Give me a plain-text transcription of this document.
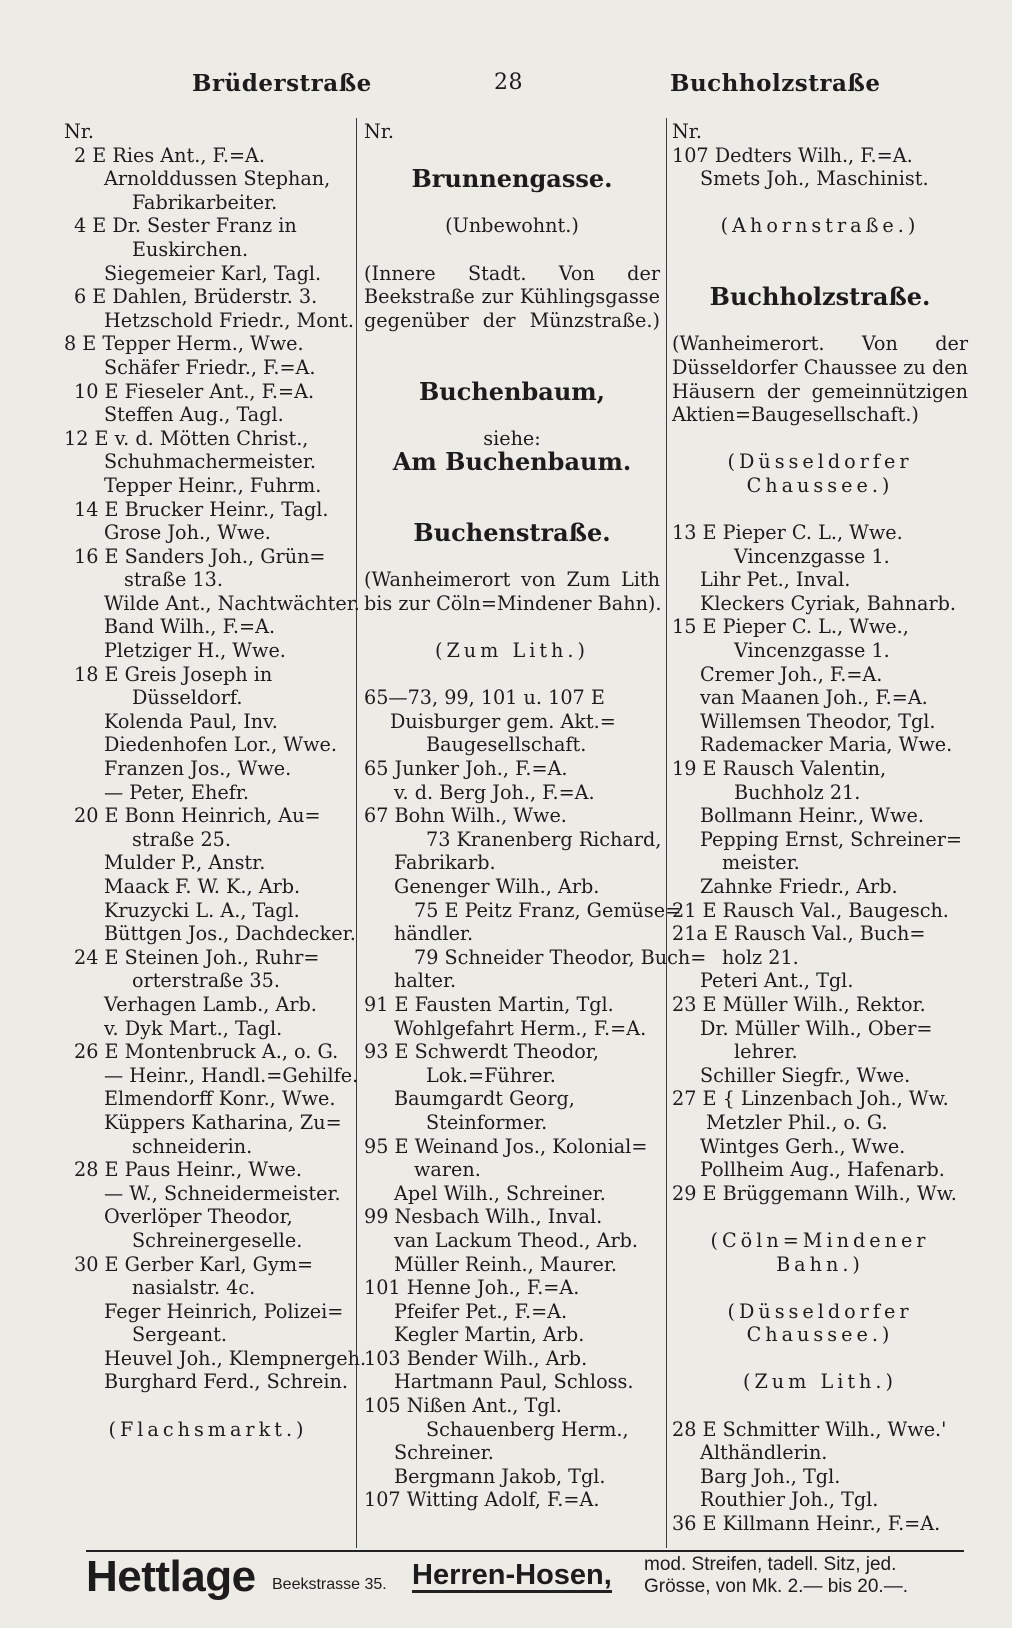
Brüderstraße	28	Buchholzstraße
Nr.
2 E Ries Ant., F.=A.
Arnolddussen Stephan,
Fabrikarbeiter.
4 E Dr. Sester Franz in
Euskirchen.
Siegemeier Karl, Tagl.
6 E Dahlen, Brüderstr. 3.
Hetzschold Friedr., Mont.
8 E Tepper Herm., Wwe.
Schäfer Friedr., F.=A.
10 E Fieseler Ant., F.=A.
Steffen Aug., Tagl.
12 E v. d. Mötten Christ.,
Schuhmachermeister.
Tepper Heinr., Fuhrm.
14 E Brucker Heinr., Tagl.
Grose Joh., Wwe.
16 E Sanders Joh., Grün=
straße 13.
Wilde Ant., Nachtwächter.
Band Wilh., F.=A.
Pletziger H., Wwe.
18 E Greis Joseph in
Düsseldorf.
Kolenda Paul, Inv.
Diedenhofen Lor., Wwe.
Franzen Jos., Wwe.
— Peter, Ehefr.
20 E Bonn Heinrich, Au=
straße 25.
Mulder P., Anstr.
Maack F. W. K., Arb.
Kruzycki L. A., Tagl.
Büttgen Jos., Dachdecker.
24 E Steinen Joh., Ruhr=
orterstraße 35.
Verhagen Lamb., Arb.
v. Dyk Mart., Tagl.
26 E Montenbruck A., o. G.
— Heinr., Handl.=Gehilfe.
Elmendorff Konr., Wwe.
Küppers Katharina, Zu=
schneiderin.
28 E Paus Heinr., Wwe.
— W., Schneidermeister.
Overlöper Theodor,
Schreinergeselle.
30 E Gerber Karl, Gym=
nasialstr. 4c.
Feger Heinrich, Polizei=
Sergeant.
Heuvel Joh., Klempnergeh.
Burghard Ferd., Schrein.
(Flachsmarkt.)
Nr.
Brunnengasse.
(Unbewohnt.)
(Innere Stadt. Von der
Beekstraße zur Kühlingsgasse
gegenüber der Münzstraße.)
Buchenbaum,
siehe:
Am Buchenbaum.
Buchenstraße.
(Wanheimerort von Zum Lith
bis zur Cöln=Mindener Bahn).
(Zum Lith.)
65—73, 99, 101 u. 107 E
Duisburger gem. Akt.=
Baugesellschaft.
65 Junker Joh., F.=A.
v. d. Berg Joh., F.=A.
67 Bohn Wilh., Wwe.
73 Kranenberg Richard,
Fabrikarb.
Genenger Wilh., Arb.
75 E Peitz Franz, Gemüse=
händler.
79 Schneider Theodor, Buch=
halter.
91 E Fausten Martin, Tgl.
Wohlgefahrt Herm., F.=A.
93 E Schwerdt Theodor,
Lok.=Führer.
Baumgardt Georg,
Steinformer.
95 E Weinand Jos., Kolonial=
waren.
Apel Wilh., Schreiner.
99 Nesbach Wilh., Inval.
van Lackum Theod., Arb.
Müller Reinh., Maurer.
101 Henne Joh., F.=A.
Pfeifer Pet., F.=A.
Kegler Martin, Arb.
103 Bender Wilh., Arb.
Hartmann Paul, Schloss.
105 Nißen Ant., Tgl.
Schauenberg Herm.,
Schreiner.
Bergmann Jakob, Tgl.
107 Witting Adolf, F.=A.
Nr.
107 Dedters Wilh., F.=A.
Smets Joh., Maschinist.
(Ahornstraße.)
Buchholzstraße.
(Wanheimerort. Von der
Düsseldorfer Chaussee zu den
Häusern der gemeinnützigen
Aktien=Baugesellschaft.)
(Düsseldorfer
Chaussee.)
13 E Pieper C. L., Wwe.
Vincenzgasse 1.
Lihr Pet., Inval.
Kleckers Cyriak, Bahnarb.
15 E Pieper C. L., Wwe.,
Vincenzgasse 1.
Cremer Joh., F.=A.
van Maanen Joh., F.=A.
Willemsen Theodor, Tgl.
Rademacker Maria, Wwe.
19 E Rausch Valentin,
Buchholz 21.
Bollmann Heinr., Wwe.
Pepping Ernst, Schreiner=
meister.
Zahnke Friedr., Arb.
21 E Rausch Val., Baugesch.
21a E Rausch Val., Buch=
holz 21.
Peteri Ant., Tgl.
23 E Müller Wilh., Rektor.
Dr. Müller Wilh., Ober=
lehrer.
Schiller Siegfr., Wwe.
27 E { Linzenbach Joh., Ww.
Metzler Phil., o. G.
Wintges Gerh., Wwe.
Pollheim Aug., Hafenarb.
29 E Brüggemann Wilh., Ww.
(Cöln=Mindener
Bahn.)
(Düsseldorfer
Chaussee.)
(Zum Lith.)
28 E Schmitter Wilh., Wwe.'
Althändlerin.
Barg Joh., Tgl.
Routhier Joh., Tgl.
36 E Killmann Heinr., F.=A.
Hettlage Beekstrasse 35. Herren-Hosen, mod. Streifen, tadell. Sitz, jed.
Grösse, von Mk. 2.— bis 20.—.
